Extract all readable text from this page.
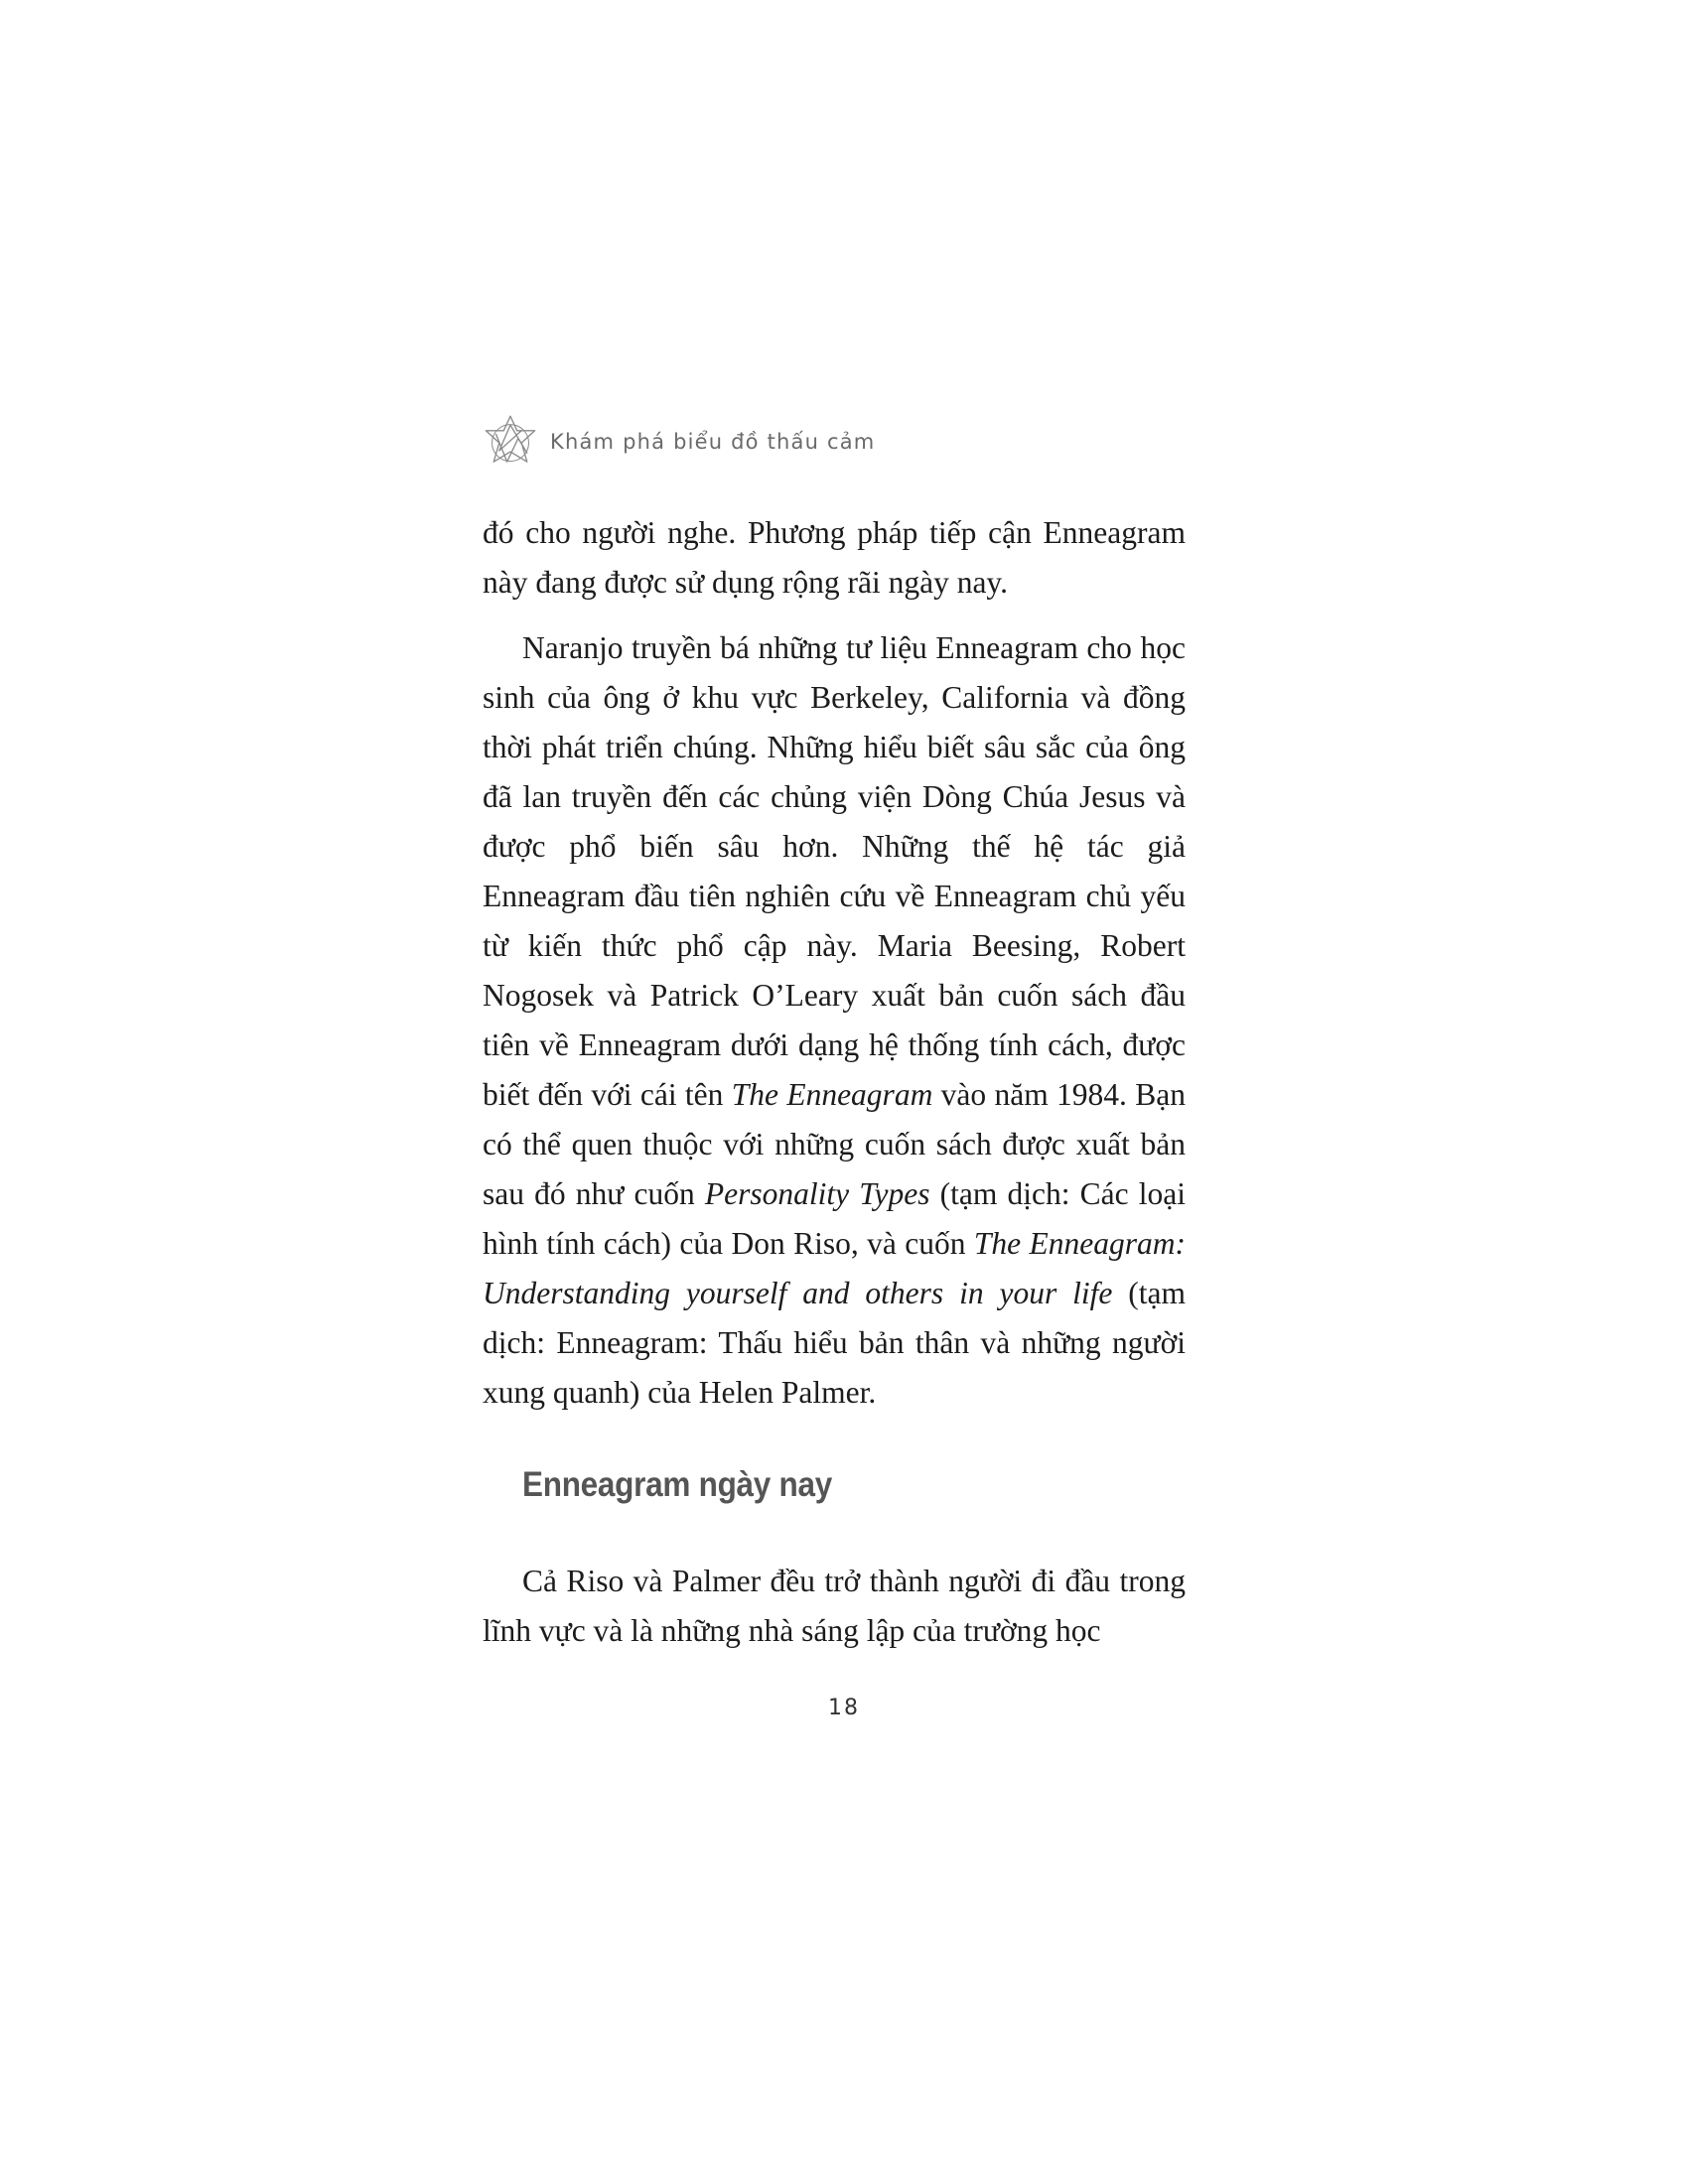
Khám phá biểu đồ thấu cảm

đó cho người nghe. Phương pháp tiếp cận Enneagram này đang được sử dụng rộng rãi ngày nay.

Naranjo truyền bá những tư liệu Enneagram cho học sinh của ông ở khu vực Berkeley, California và đồng thời phát triển chúng. Những hiểu biết sâu sắc của ông đã lan truyền đến các chủng viện Dòng Chúa Jesus và được phổ biến sâu hơn. Những thế hệ tác giả Enneagram đầu tiên nghiên cứu về Enneagram chủ yếu từ kiến thức phổ cập này. Maria Beesing, Robert Nogosek và Patrick O’Leary xuất bản cuốn sách đầu tiên về Enneagram dưới dạng hệ thống tính cách, được biết đến với cái tên The Enneagram vào năm 1984. Bạn có thể quen thuộc với những cuốn sách được xuất bản sau đó như cuốn Personality Types (tạm dịch: Các loại hình tính cách) của Don Riso, và cuốn The Enneagram: Understanding yourself and others in your life (tạm dịch: Enneagram: Thấu hiểu bản thân và những người xung quanh) của Helen Palmer.

Enneagram ngày nay

Cả Riso và Palmer đều trở thành người đi đầu trong lĩnh vực và là những nhà sáng lập của trường học

18
